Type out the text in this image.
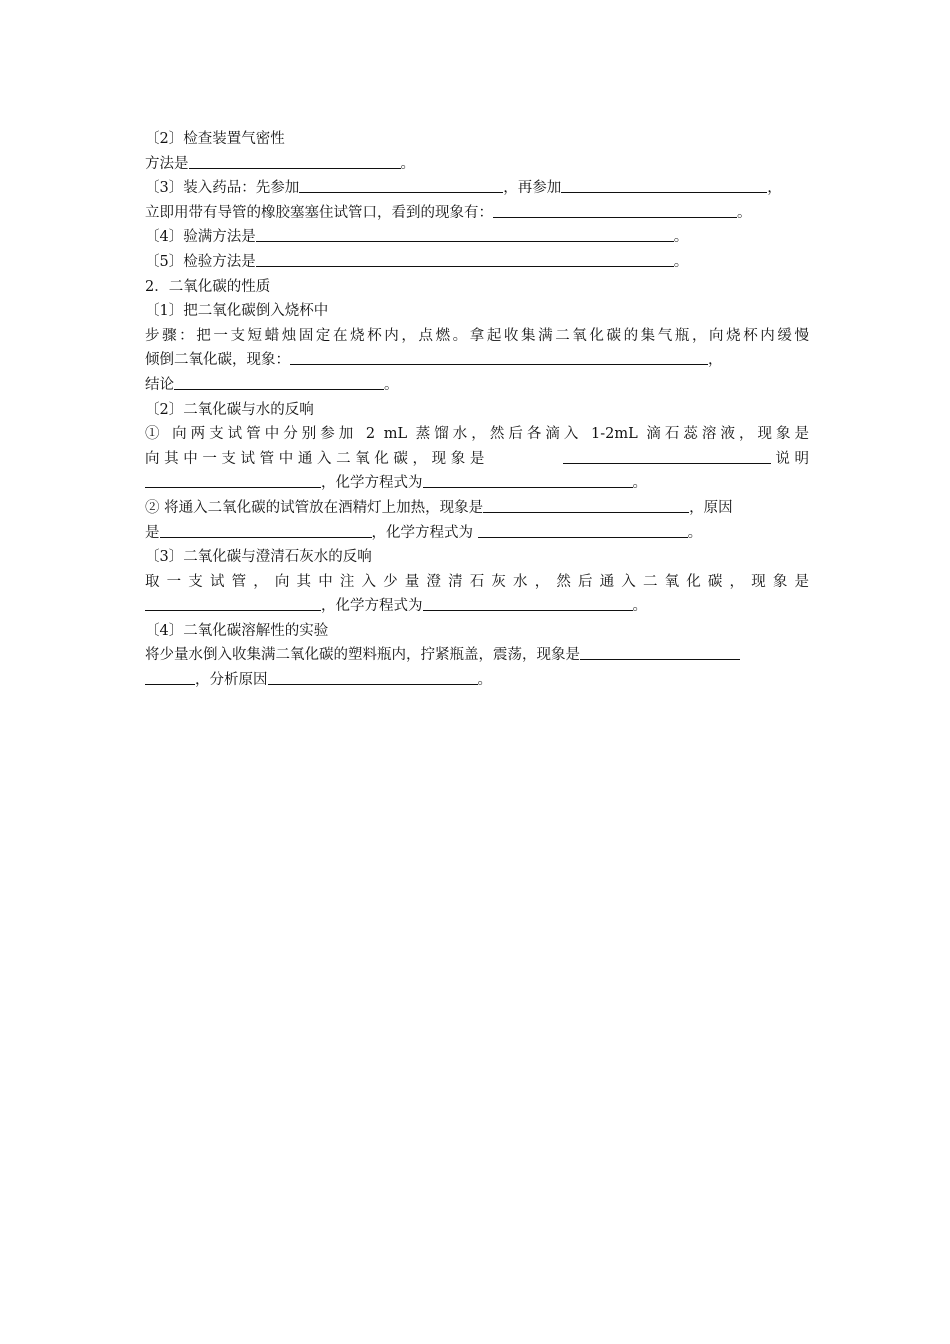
〔2〕检查装置气密性
方法是	。
〔3〕装入药品：先参加	，再参加	，
立即用带有导管的橡胶塞塞住试管口，看到的现象有：	。
〔4〕验满方法是	。
〔5〕检验方法是	。
2．二氧化碳的性质
〔1〕把二氧化碳倒入烧杯中
步骤：把一支短蜡烛固定在烧杯内，点燃。拿起收集满二氧化碳的集气瓶，向烧杯内缓慢
倾倒二氧化碳，现象：	，
结论	。
〔2〕二氧化碳与水的反响
① 向两支试管中分别参加 2 mL 蒸馏水，然后各滴入 1-2mL 滴石蕊溶液，现象是
向 其 中 一 支 试 管 中 通 入 二 氧 化 碳 ， 现 象 是	说 明
，化学方程式为	。
② 将通入二氧化碳的试管放在酒精灯上加热，现象是	，原因
是	，化学方程式为	。
〔3〕二氧化碳与澄清石灰水的反响
取 一 支 试 管 ， 向 其 中 注 入 少 量 澄 清 石 灰 水 ， 然 后 通 入 二 氧 化 碳 ， 现 象 是
，化学方程式为	。
〔4〕二氧化碳溶解性的实验
将少量水倒入收集满二氧化碳的塑料瓶内，拧紧瓶盖，震荡，现象是
，分析原因	。
